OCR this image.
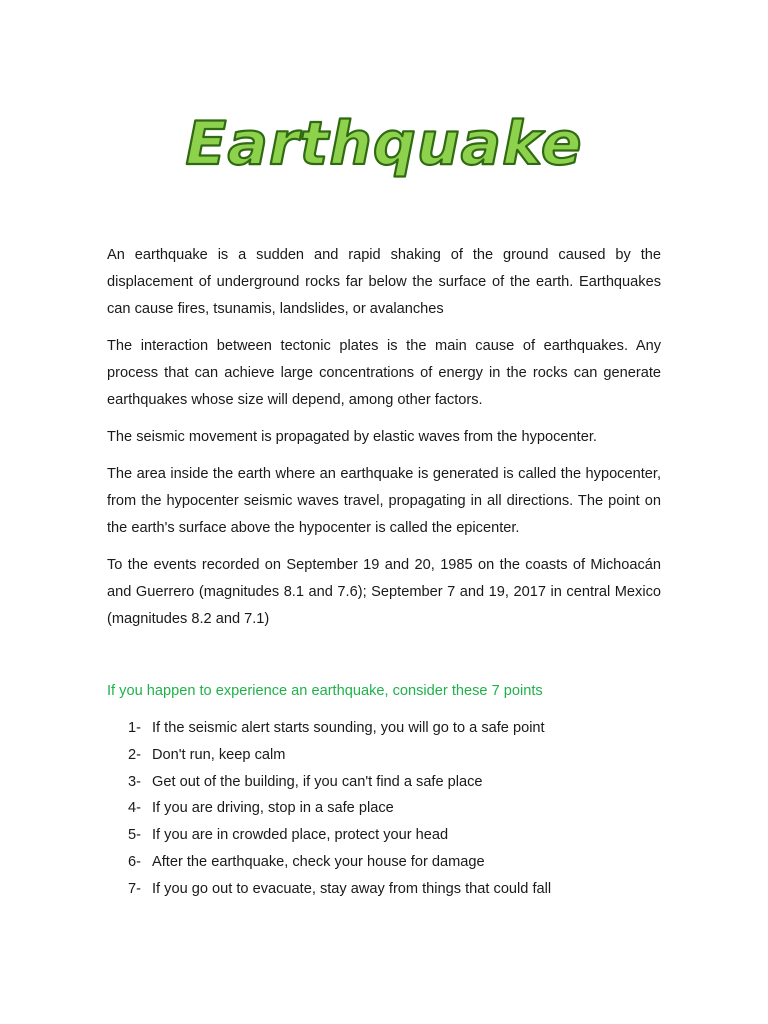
Earthquake

An earthquake is a sudden and rapid shaking of the ground caused by the displacement of underground rocks far below the surface of the earth. Earthquakes can cause fires, tsunamis, landslides, or avalanches

The interaction between tectonic plates is the main cause of earthquakes. Any process that can achieve large concentrations of energy in the rocks can generate earthquakes whose size will depend, among other factors.

The seismic movement is propagated by elastic waves from the hypocenter.

The area inside the earth where an earthquake is generated is called the hypocenter, from the hypocenter seismic waves travel, propagating in all directions. The point on the earth's surface above the hypocenter is called the epicenter.

To the events recorded on September 19 and 20, 1985 on the coasts of Michoacán and Guerrero (magnitudes 8.1 and 7.6); September 7 and 19, 2017 in central Mexico (magnitudes 8.2 and 7.1)

If you happen to experience an earthquake, consider these 7 points
1- If the seismic alert starts sounding, you will go to a safe point
2- Don't run, keep calm
3- Get out of the building, if you can't find a safe place
4- If you are driving, stop in a safe place
5- If you are in crowded place, protect your head
6- After the earthquake, check your house for damage
7- If you go out to evacuate, stay away from things that could fall
